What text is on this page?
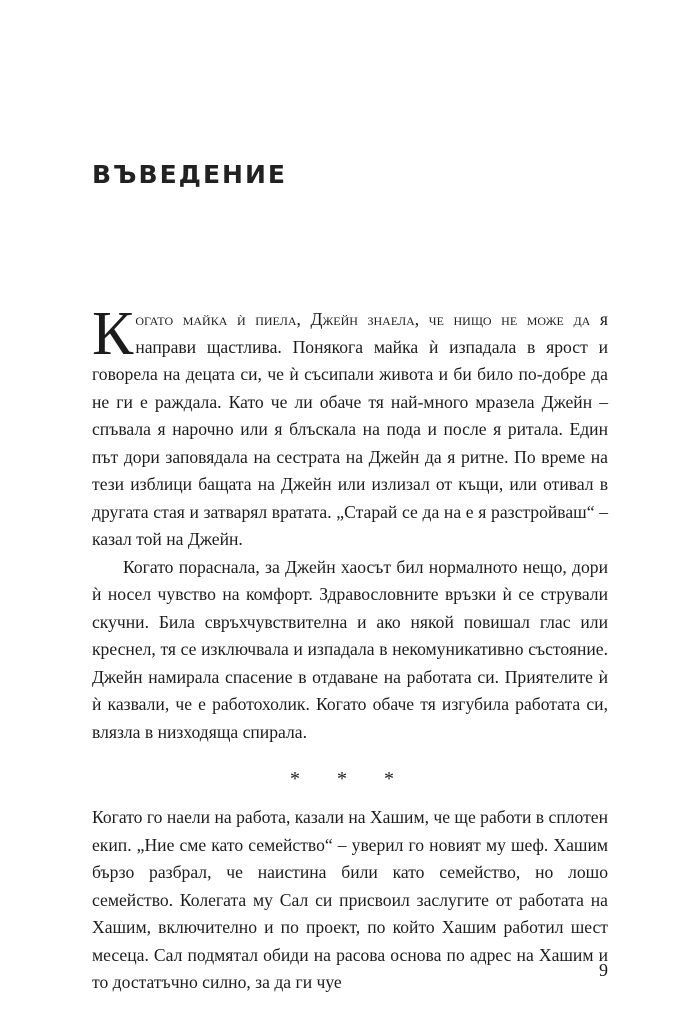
ВЪВЕДЕНИЕ

Когато майка ѝ пиела, Джейн знаела, че нищо не може да я направи щастлива. Понякога майка ѝ изпадала в ярост и говорела на децата си, че ѝ съсипали живота и би било по-добре да не ги е раждала. Като че ли обаче тя най-много мразела Джейн – спъвала я нарочно или я блъскала на пода и после я ритала. Един път дори заповядала на сестрата на Джейн да я ритне. По време на тези изблици бащата на Джейн или излизал от къщи, или отивал в другата стая и затварял вратата. „Старай се да на е я разстройваш“ – казал той на Джейн.

Когато порасналa, за Джейн хаосът бил нормалното нещо, дори ѝ носел чувство на комфорт. Здравословните връзки ѝ се стрували скучни. Била свръхчувствителна и ако някой повишал глас или креснел, тя се изключвала и изпадала в некомуникативно състояние. Джейн намирала спасение в отдаване на работата си. Приятелите ѝ ѝ казвали, че е работохолик. Когато обаче тя изгубила работата си, влязла в низходяща спирала.

* * *

Когато го наели на работа, казали на Хашим, че ще работи в сплотен екип. „Ние сме като семейство“ – уверил го новият му шеф. Хашим бързо разбрал, че наистина били като семейство, но лошо семейство. Колегата му Сал си присвоил заслугите от работата на Хашим, включително и по проект, по който Хашим работил шест месеца. Сал подмятал обиди на расова основа по адрес на Хашим и то достатъчно силно, за да ги чуе

9
